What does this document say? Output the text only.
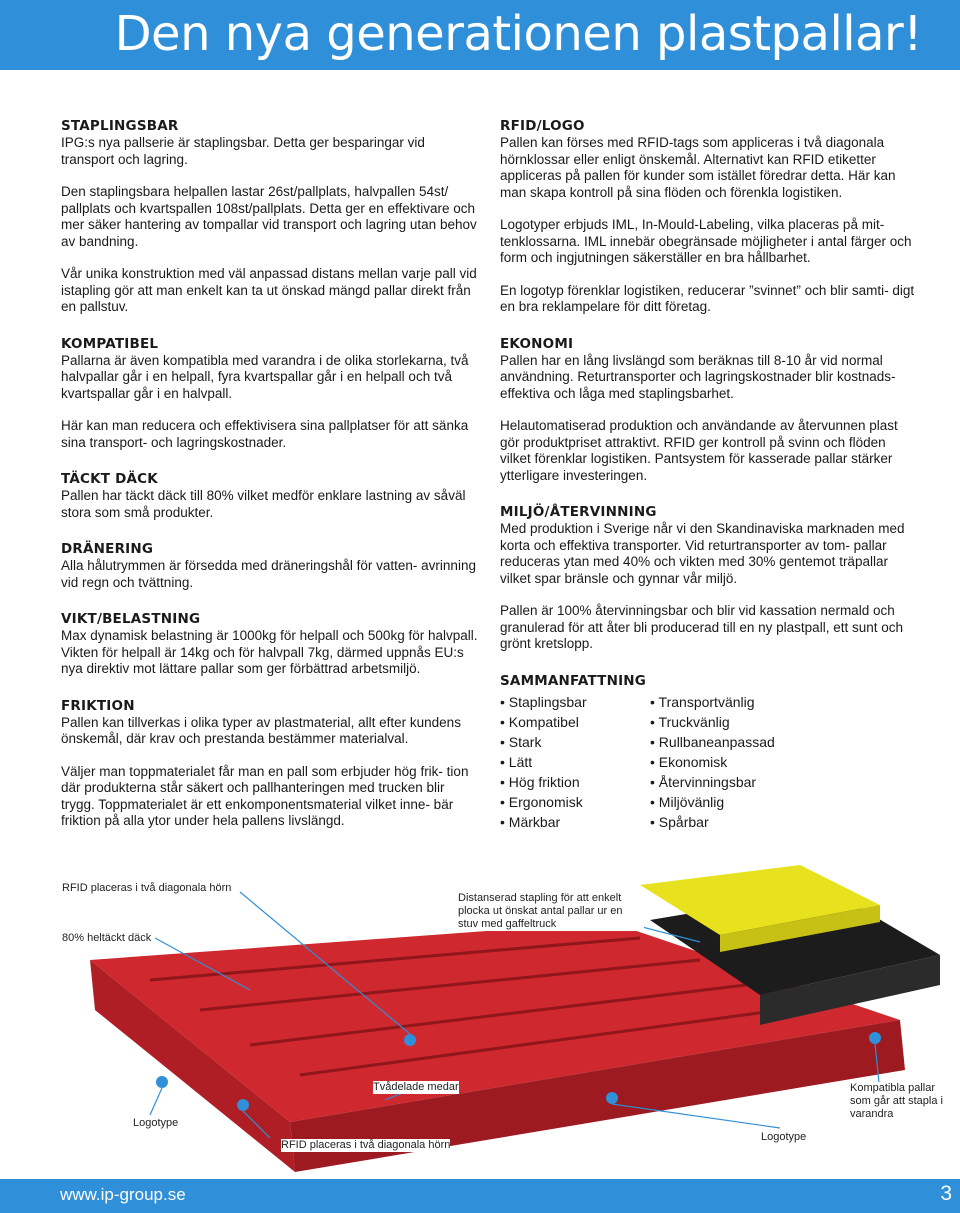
Den nya generationen plastpallar!
STAPLINGSBAR

IPG:s nya pallserie är staplingsbar. Detta ger besparingar vid transport och lagring.

Den staplingsbara helpallen lastar 26st/pallplats, halvpallen 54st/ pallplats och kvartspallen 108st/pallplats. Detta ger en effektivare och mer säker hantering av tompallar vid transport och lagring utan behov av bandning.

Vår unika konstruktion med väl anpassad distans mellan varje pall vid istapling gör att man enkelt kan ta ut önskad mängd pallar direkt från en pallstuv.

KOMPATIBEL

Pallarna är även kompatibla med varandra i de olika storlekarna, två halvpallar går i en helpall, fyra kvartspallar går i en helpall och två kvartspallar går i en halvpall.

Här kan man reducera och effektivisera sina pallplatser för att sänka sina transport- och lagringskostnader.

TÄCKT DÄCK

Pallen har täckt däck till 80% vilket medför enklare lastning av såväl stora som små produkter.

DRÄNERING

Alla hålutrymmen är försedda med dräneringshål för vatten- avrinning vid regn och tvättning.

VIKT/BELASTNING

Max dynamisk belastning är 1000kg för helpall och 500kg för halvpall. Vikten för helpall är 14kg och för halvpall 7kg, därmed uppnås EU:s nya direktiv mot lättare pallar som ger förbättrad arbetsmiljö.

FRIKTION

Pallen kan tillverkas i olika typer av plastmaterial, allt efter kundens önskemål, där krav och prestanda bestämmer materialval.

Väljer man toppmaterialet får man en pall som erbjuder hög frik- tion där produkterna står säkert och pallhanteringen med trucken blir trygg. Toppmaterialet är ett enkomponentsmaterial vilket inne- bär friktion på alla ytor under hela pallens livslängd.

RFID/LOGO

Pallen kan förses med RFID-tags som appliceras i två diagonala hörnklossar eller enligt önskemål. Alternativt kan RFID etiketter appliceras på pallen för kunder som istället föredrar detta. Här kan man skapa kontroll på sina flöden och förenkla logistiken.

Logotyper erbjuds IML, In-Mould-Labeling, vilka placeras på mit- tenklossarna. IML innebär obegränsade möjligheter i antal färger och form och ingjutningen säkerställer en bra hållbarhet.

En logotyp förenklar logistiken, reducerar ”svinnet” och blir samti- digt en bra reklampelare för ditt företag.

EKONOMI

Pallen har en lång livslängd som beräknas till 8-10 år vid normal användning. Returtransporter och lagringskostnader blir kostnads- effektiva och låga med staplingsbarhet.

Helautomatiserad produktion och användande av återvunnen plast gör produktpriset attraktivt. RFID ger kontroll på svinn och flöden vilket förenklar logistiken. Pantsystem för kasserade pallar stärker ytterligare investeringen.

MILJÖ/ÅTERVINNING

Med produktion i Sverige når vi den Skandinaviska marknaden med korta och effektiva transporter. Vid returtransporter av tom- pallar reduceras ytan med 40% och vikten med 30% gentemot träpallar vilket spar bränsle och gynnar vår miljö.

Pallen är 100% återvinningsbar och blir vid kassation nermald och granulerad för att åter bli producerad till en ny plastpall, ett sunt och grönt kretslopp.

SAMMANFATTNING
• Staplingsbar
• Kompatibel
• Stark
• Lätt
• Hög friktion
• Ergonomisk
• Märkbar
• Transportvänlig
• Truckvänlig
• Rullbaneanpassad
• Ekonomisk
• Återvinningsbar
• Miljövänlig
• Spårbar
RFID placeras i två diagonala hörn
80% heltäckt däck
Distanserad stapling för att enkelt plocka ut önskat antal pallar ur en stuv med gaffeltruck
Logotype
Tvådelade medar
RFID placeras i två diagonala hörn
Kompatibla pallar som går att stapla i varandra
Logotype
www.ip-group.se	3
